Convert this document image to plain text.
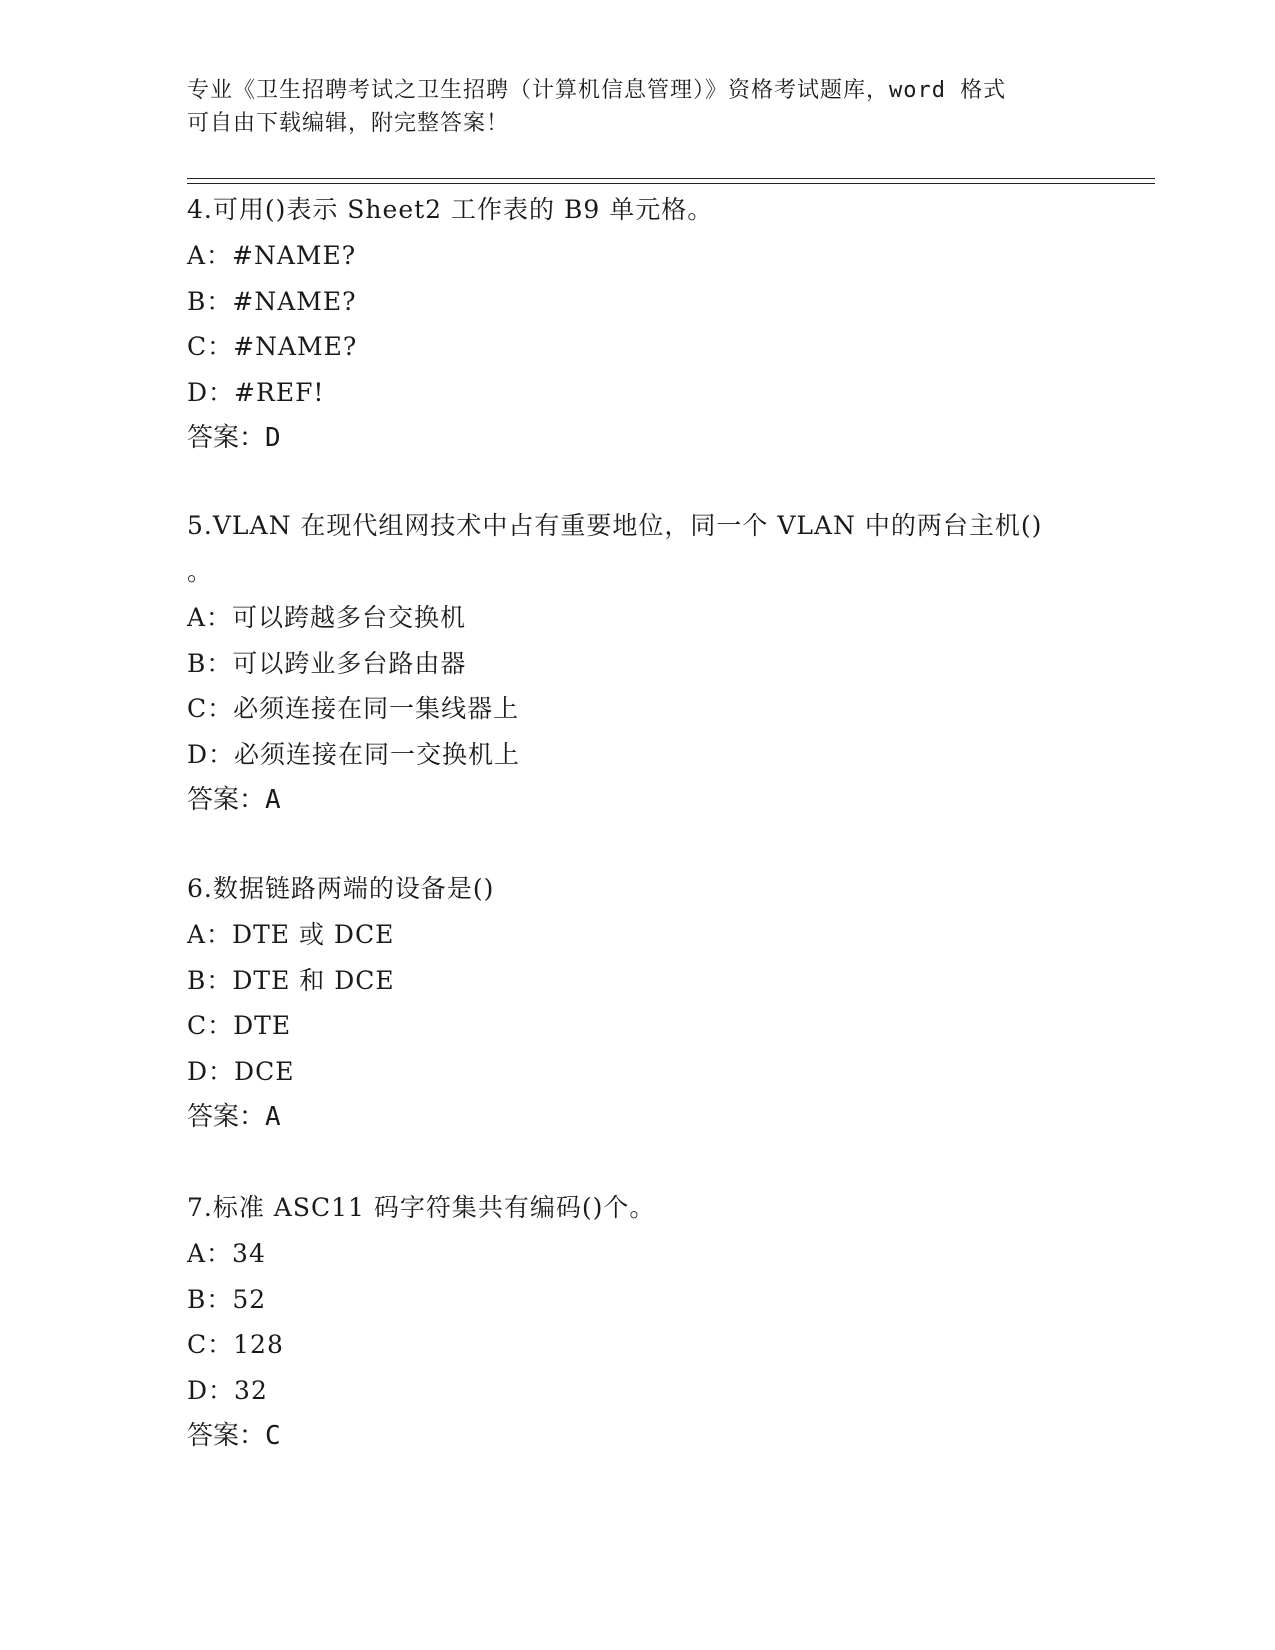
专业《卫生招聘考试之卫生招聘（计算机信息管理）》资格考试题库，word 格式
可自由下载编辑，附完整答案！
4.可用()表示 Sheet2 工作表的 B9 单元格。
A：#NAME?
B：#NAME?
C：#NAME?
D：#REF!
答案：D
5.VLAN 在现代组网技术中占有重要地位，同一个 VLAN 中的两台主机()
。
A：可以跨越多台交换机
B：可以跨业多台路由器
C：必须连接在同一集线器上
D：必须连接在同一交换机上
答案：A
6.数据链路两端的设备是()
A：DTE 或 DCE
B：DTE 和 DCE
C：DTE
D：DCE
答案：A
7.标准 ASC11 码字符集共有编码()个。
A：34
B：52
C：128
D：32
答案：C
